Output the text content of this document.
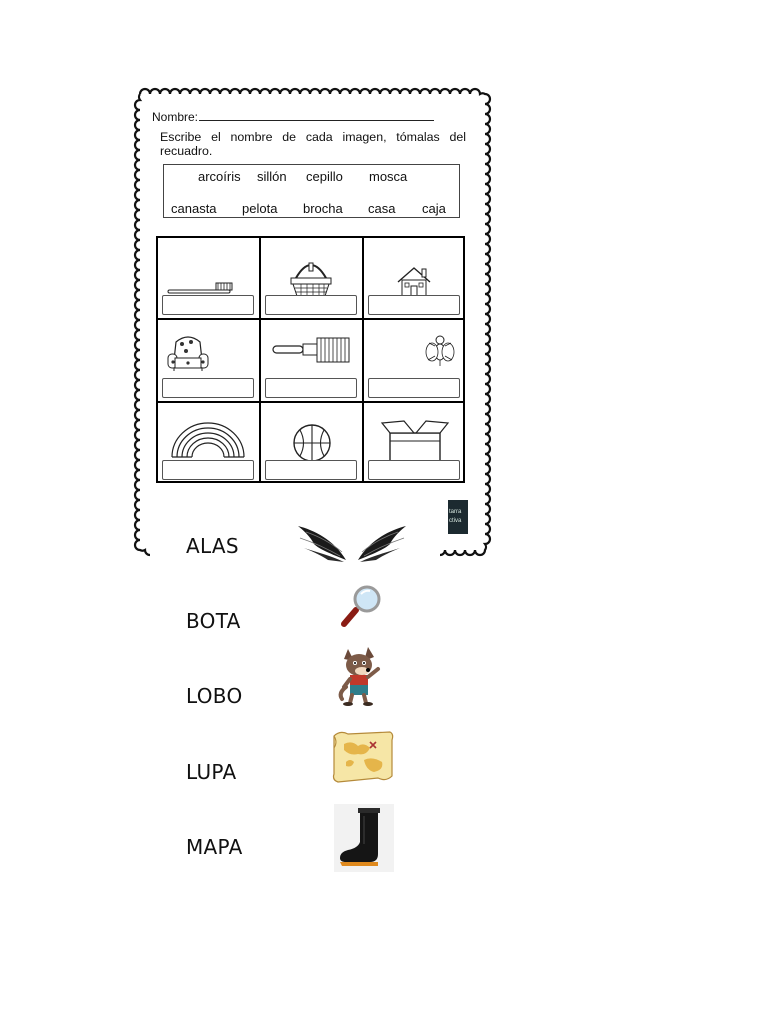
Nombre:
Escribe el nombre de cada imagen, tómalas del recuadro.
arcoíris sillón cepillo mosca
canasta pelota brocha casa caja
tarra
ctiva
ALAS
BOTA
LOBO
LUPA
MAPA
